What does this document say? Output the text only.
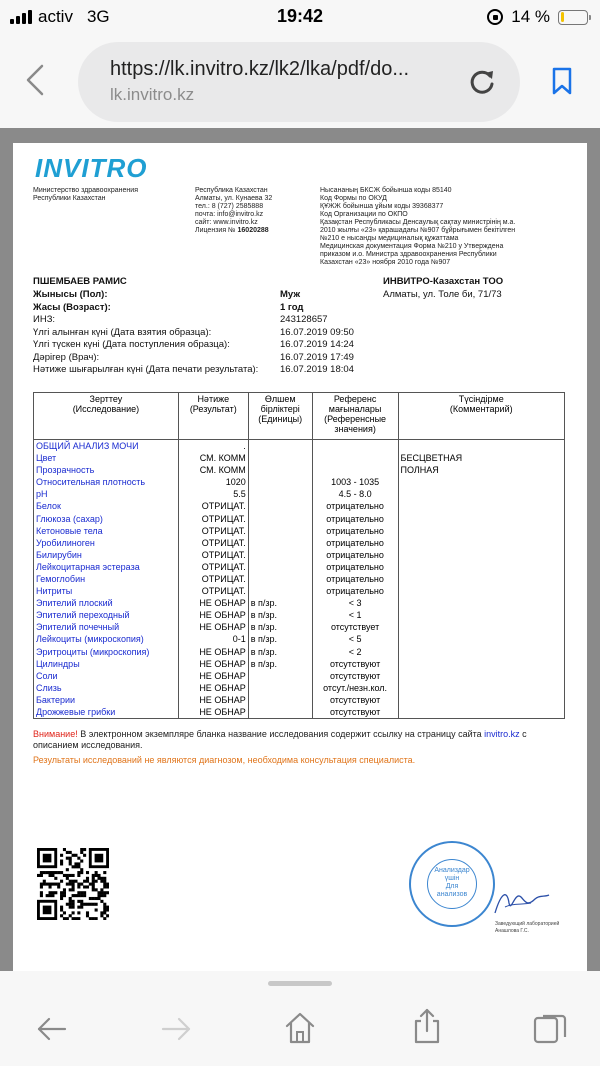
activ 3G	19:42	14 %
https://lk.invitro.kz/lk2/lka/pdf/do...
lk.invitro.kz
INVITRO
Министерство здравоохранения
Республики Казахстан
Республика Казахстан
Алматы, ул. Кунаева 32
тел.: 8 (727) 2585888
почта: info@invitro.kz
сайт: www.invitro.kz
Лицензия № 16020288
Нысананың БКСЖ бойынша коды 85140
Код Формы по ОКУД
ҚҰЖЖ бойынша ұйым коды 39368377
Код Организации по ОКПО
Қазақстан Республикасы Денсаулық сақтау министрінің м.а.
2010 жылғы «23» қарашадағы №907 бұйрығымен бекітілген
№210 е нысанды медициналық құжаттама
Медицинская документация Форма №210 у Утверждена
приказом и.о. Министра здравоохранения Республики
Казахстан «23» ноября 2010 года №907
ПШЕМБАЕВ РАМИС	ИНВИТРО-Казахстан ТОО
Алматы, ул. Толе би, 71/73
Жынысы (Пол):	Муж
Жасы (Возраст):	1 год
ИНЗ:	243128657
Үлгі алынған күні (Дата взятия образца):	16.07.2019 09:50
Үлгі түскен күні (Дата поступления образца):	16.07.2019 14:24
Дәрігер (Врач):	16.07.2019 17:49
Нәтиже шығарылған күні (Дата печати результата): 16.07.2019 18:04
Зерттеу
(Исследование)	Нәтиже
(Результат)	Өлшем
бірліктері
(Единицы)	Референс
мағыналары
(Референсные
значения)	Түсіндірме
(Комментарий)
ОБЩИЙ АНАЛИЗ МОЧИ	.			
Цвет	СМ. КОММ			БЕСЦВЕТНАЯ
Прозрачность	СМ. КОММ			ПОЛНАЯ
Относительная плотность	1020		1003 - 1035	
pH	5.5		4.5 - 8.0	
Белок	ОТРИЦАТ.		отрицательно	
Глюкоза (сахар)	ОТРИЦАТ.		отрицательно	
Кетоновые тела	ОТРИЦАТ.		отрицательно	
Уробилиноген	ОТРИЦАТ.		отрицательно	
Билирубин	ОТРИЦАТ.		отрицательно	
Лейкоцитарная эстераза	ОТРИЦАТ.		отрицательно	
Гемоглобин	ОТРИЦАТ.		отрицательно	
Нитриты	ОТРИЦАТ.		отрицательно	
Эпителий плоский	НЕ ОБНАР	в п/зр.	< 3	
Эпителий переходный	НЕ ОБНАР	в п/зр.	< 1	
Эпителий почечный	НЕ ОБНАР	в п/зр.	отсутствует	
Лейкоциты (микроскопия)	0-1	в п/зр.	< 5	
Эритроциты (микроскопия)	НЕ ОБНАР	в п/зр.	< 2	
Цилиндры	НЕ ОБНАР	в п/зр.	отсутствуют	
Соли	НЕ ОБНАР		отсутствуют	
Слизь	НЕ ОБНАР		отсут./незн.кол.	
Бактерии	НЕ ОБНАР		отсутствуют	
Дрожжевые грибки	НЕ ОБНАР		отсутствуют	
Внимание! В электронном экземпляре бланка название исследования содержит ссылку на страницу сайта invitro.kz с описанием исследования.
Результаты исследований не являются диагнозом, необходима консультация специалиста.
Анализдар
үшін
Для
анализов
Заведующий лабораторией
Анашлова Г.С.
